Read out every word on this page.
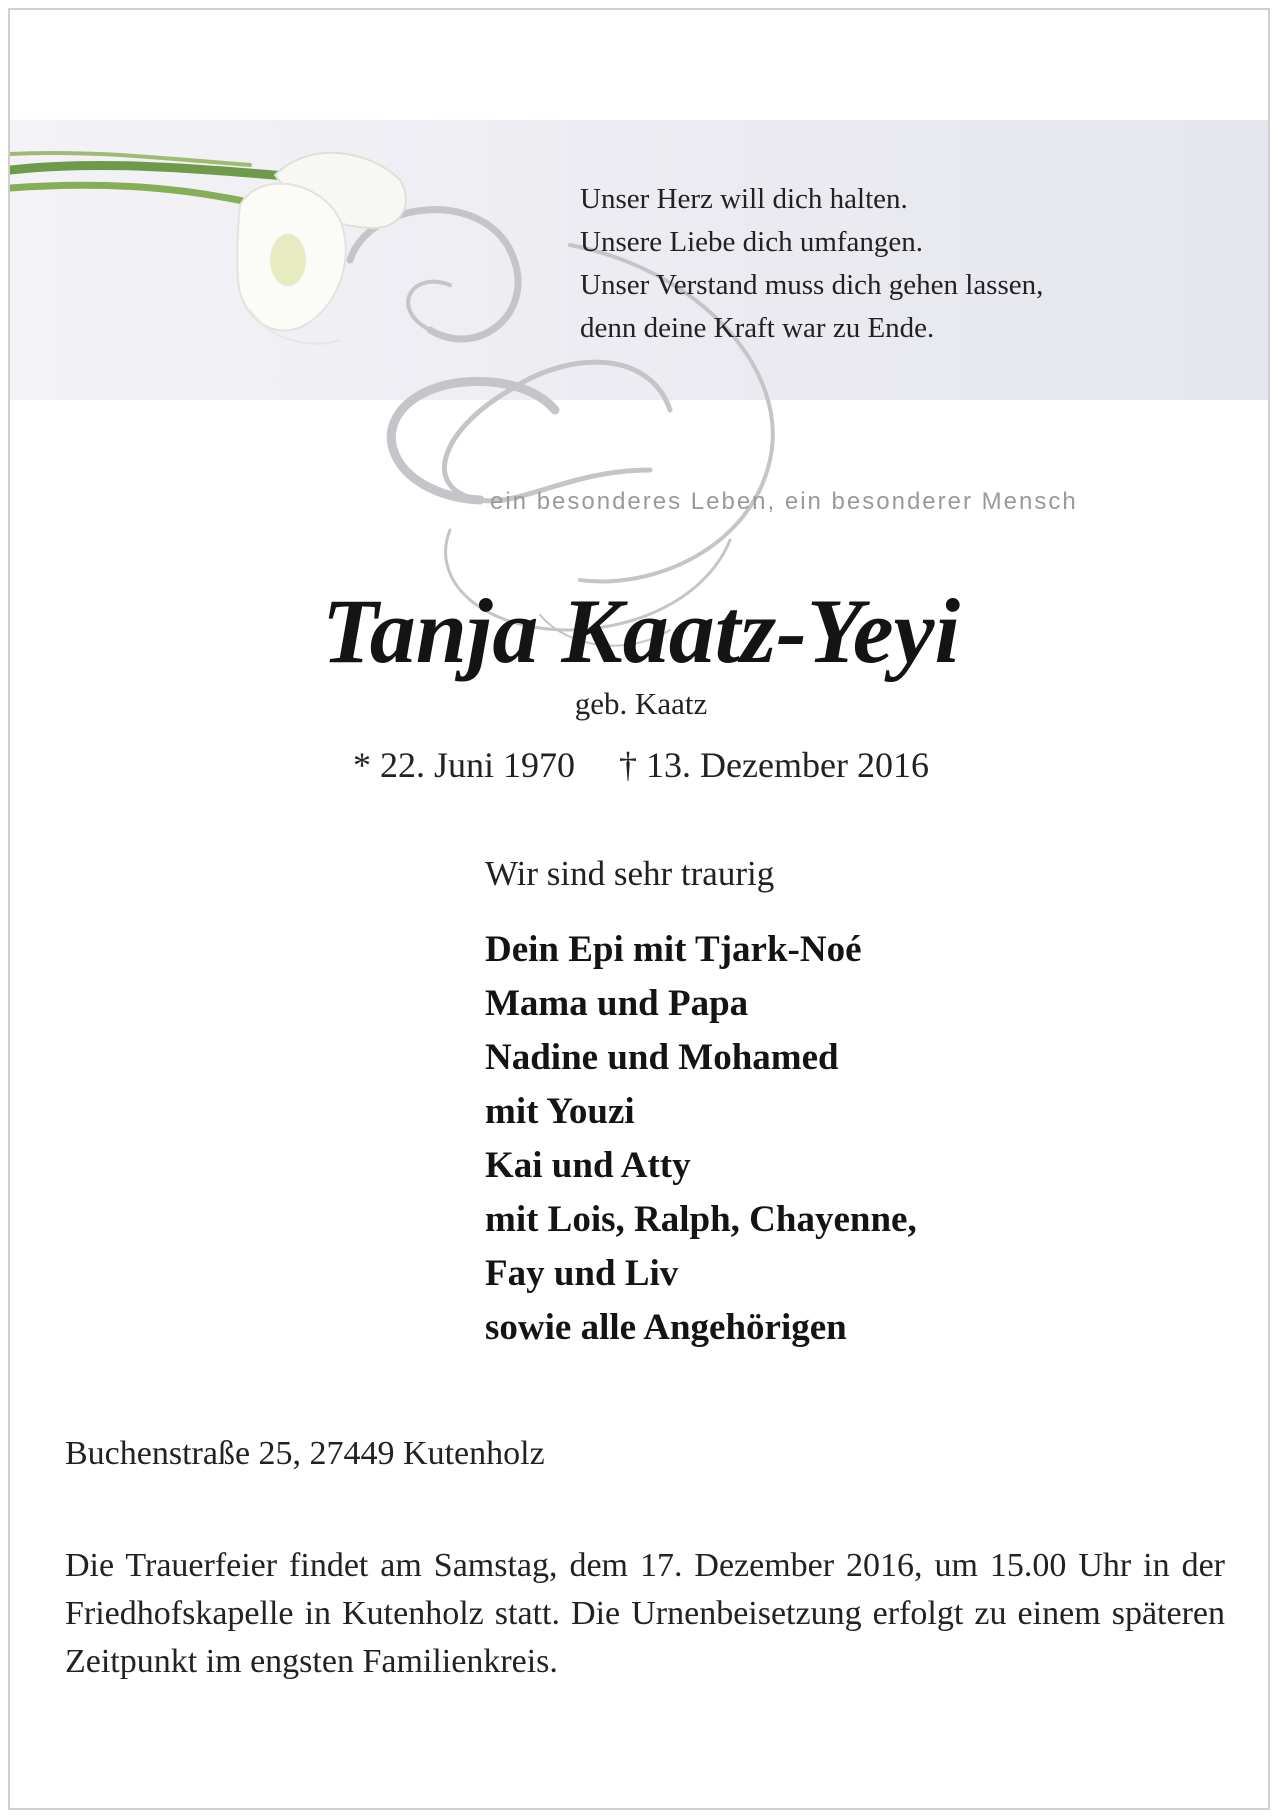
Unser Herz will dich halten.
Unsere Liebe dich umfangen.
Unser Verstand muss dich gehen lassen,
denn deine Kraft war zu Ende.
ein besonderes Leben, ein besonderer Mensch
Tanja Kaatz-Yeyi
geb. Kaatz
* 22. Juni 1970 † 13. Dezember 2016
Wir sind sehr traurig
Dein Epi mit Tjark-Noé
Mama und Papa
Nadine und Mohamed
mit Youzi
Kai und Atty
mit Lois, Ralph, Chayenne,
Fay und Liv
sowie alle Angehörigen
Buchenstraße 25, 27449 Kutenholz
Die Trauerfeier findet am Samstag, dem 17. Dezember 2016, um 15.00 Uhr in der Friedhofskapelle in Kutenholz statt. Die Urnenbeisetzung erfolgt zu einem späteren Zeitpunkt im engsten Familienkreis.
